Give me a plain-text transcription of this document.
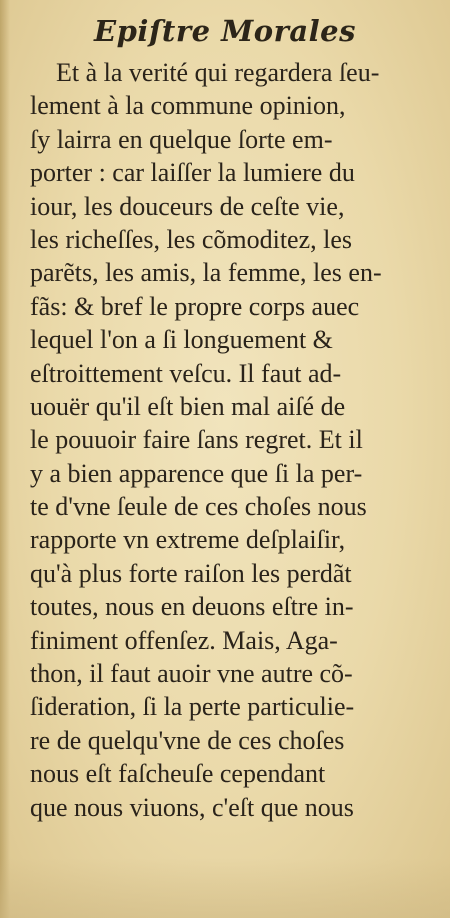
Epiſtre Morales
Et à la verité qui regardera ſeu-
lement à la commune opinion,
ſy lairra en quelque ſorte em-
porter : car laiſſer la lumiere du
iour, les douceurs de ceſte vie,
les richeſſes, les cõmoditez, les
parẽts, les amis, la femme, les en-
fãs: & bref le propre corps auec
lequel l'on a ſi longuement &
eſtroittement veſcu. Il faut ad-
uouër qu'il eſt bien mal aiſé de
le pouuoir faire ſans regret. Et il
y a bien apparence que ſi la per-
te d'vne ſeule de ces choſes nous
rapporte vn extreme deſplaiſir,
qu'à plus forte raiſon les perdãt
toutes, nous en deuons eſtre in-
finiment offenſez. Mais, Aga-
thon, il faut auoir vne autre cõ-
ſideration, ſi la perte particulie-
re de quelqu'vne de ces choſes
nous eſt faſcheuſe cependant
que nous viuons, c'eſt que nous
